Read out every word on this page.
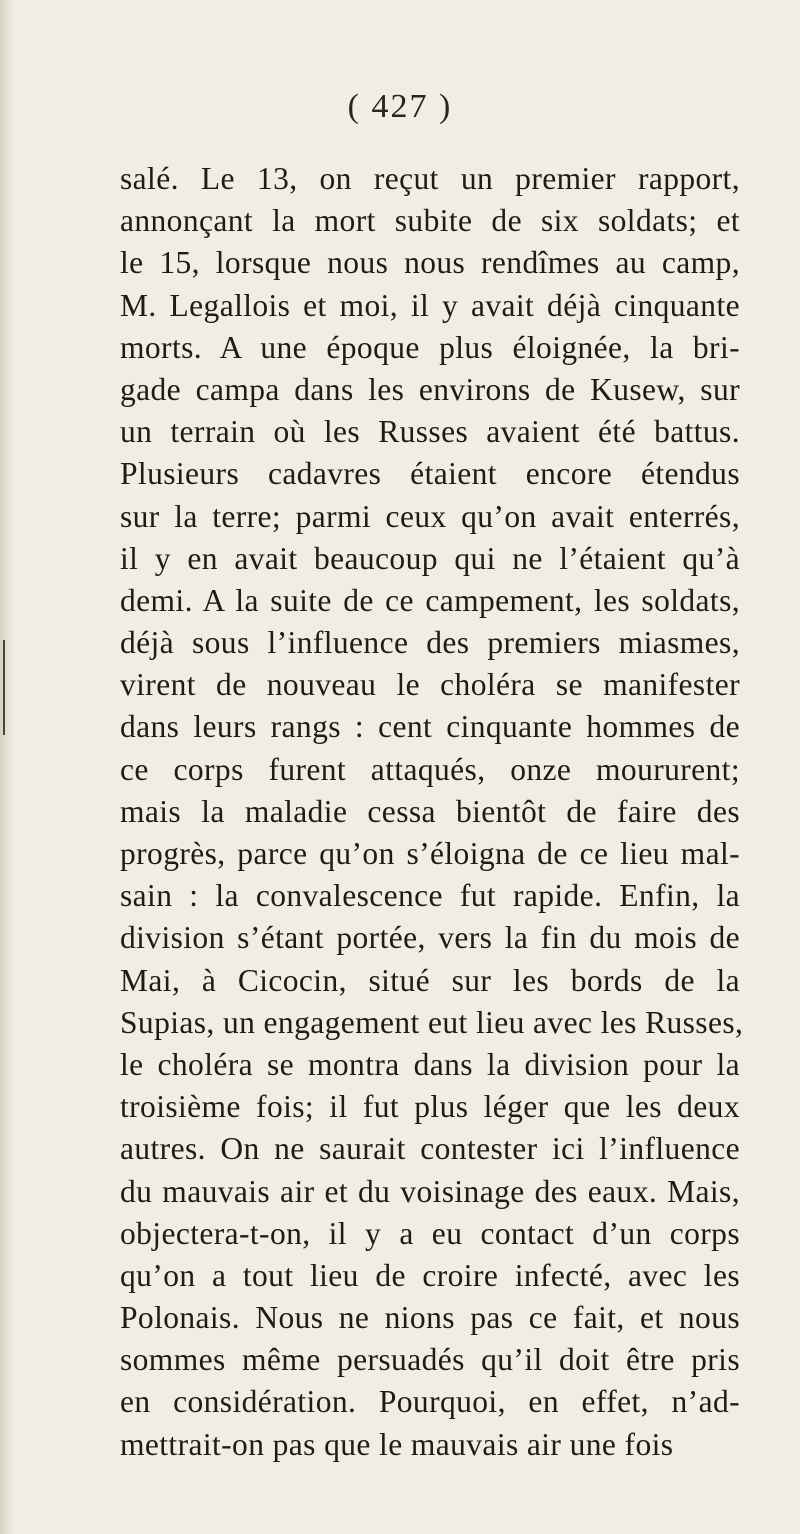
( 427 )
salé. Le 13, on reçut un premier rapport,
annonçant la mort subite de six soldats; et
le 15, lorsque nous nous rendîmes au camp,
M. Legallois et moi, il y avait déjà cinquante
morts. A une époque plus éloignée, la bri-
gade campa dans les environs de Kusew, sur
un terrain où les Russes avaient été battus.
Plusieurs cadavres étaient encore étendus
sur la terre; parmi ceux qu’on avait enterrés,
il y en avait beaucoup qui ne l’étaient qu’à
demi. A la suite de ce campement, les soldats,
déjà sous l’influence des premiers miasmes,
virent de nouveau le choléra se manifester
dans leurs rangs : cent cinquante hommes de
ce corps furent attaqués, onze moururent;
mais la maladie cessa bientôt de faire des
progrès, parce qu’on s’éloigna de ce lieu mal-
sain : la convalescence fut rapide. Enfin, la
division s’étant portée, vers la fin du mois de
Mai, à Cicocin, situé sur les bords de la
Supias, un engagement eut lieu avec les Russes,
le choléra se montra dans la division pour la
troisième fois; il fut plus léger que les deux
autres. On ne saurait contester ici l’influence
du mauvais air et du voisinage des eaux. Mais,
objectera-t-on, il y a eu contact d’un corps
qu’on a tout lieu de croire infecté, avec les
Polonais. Nous ne nions pas ce fait, et nous
sommes même persuadés qu’il doit être pris
en considération. Pourquoi, en effet, n’ad-
mettrait-on pas que le mauvais air une fois
